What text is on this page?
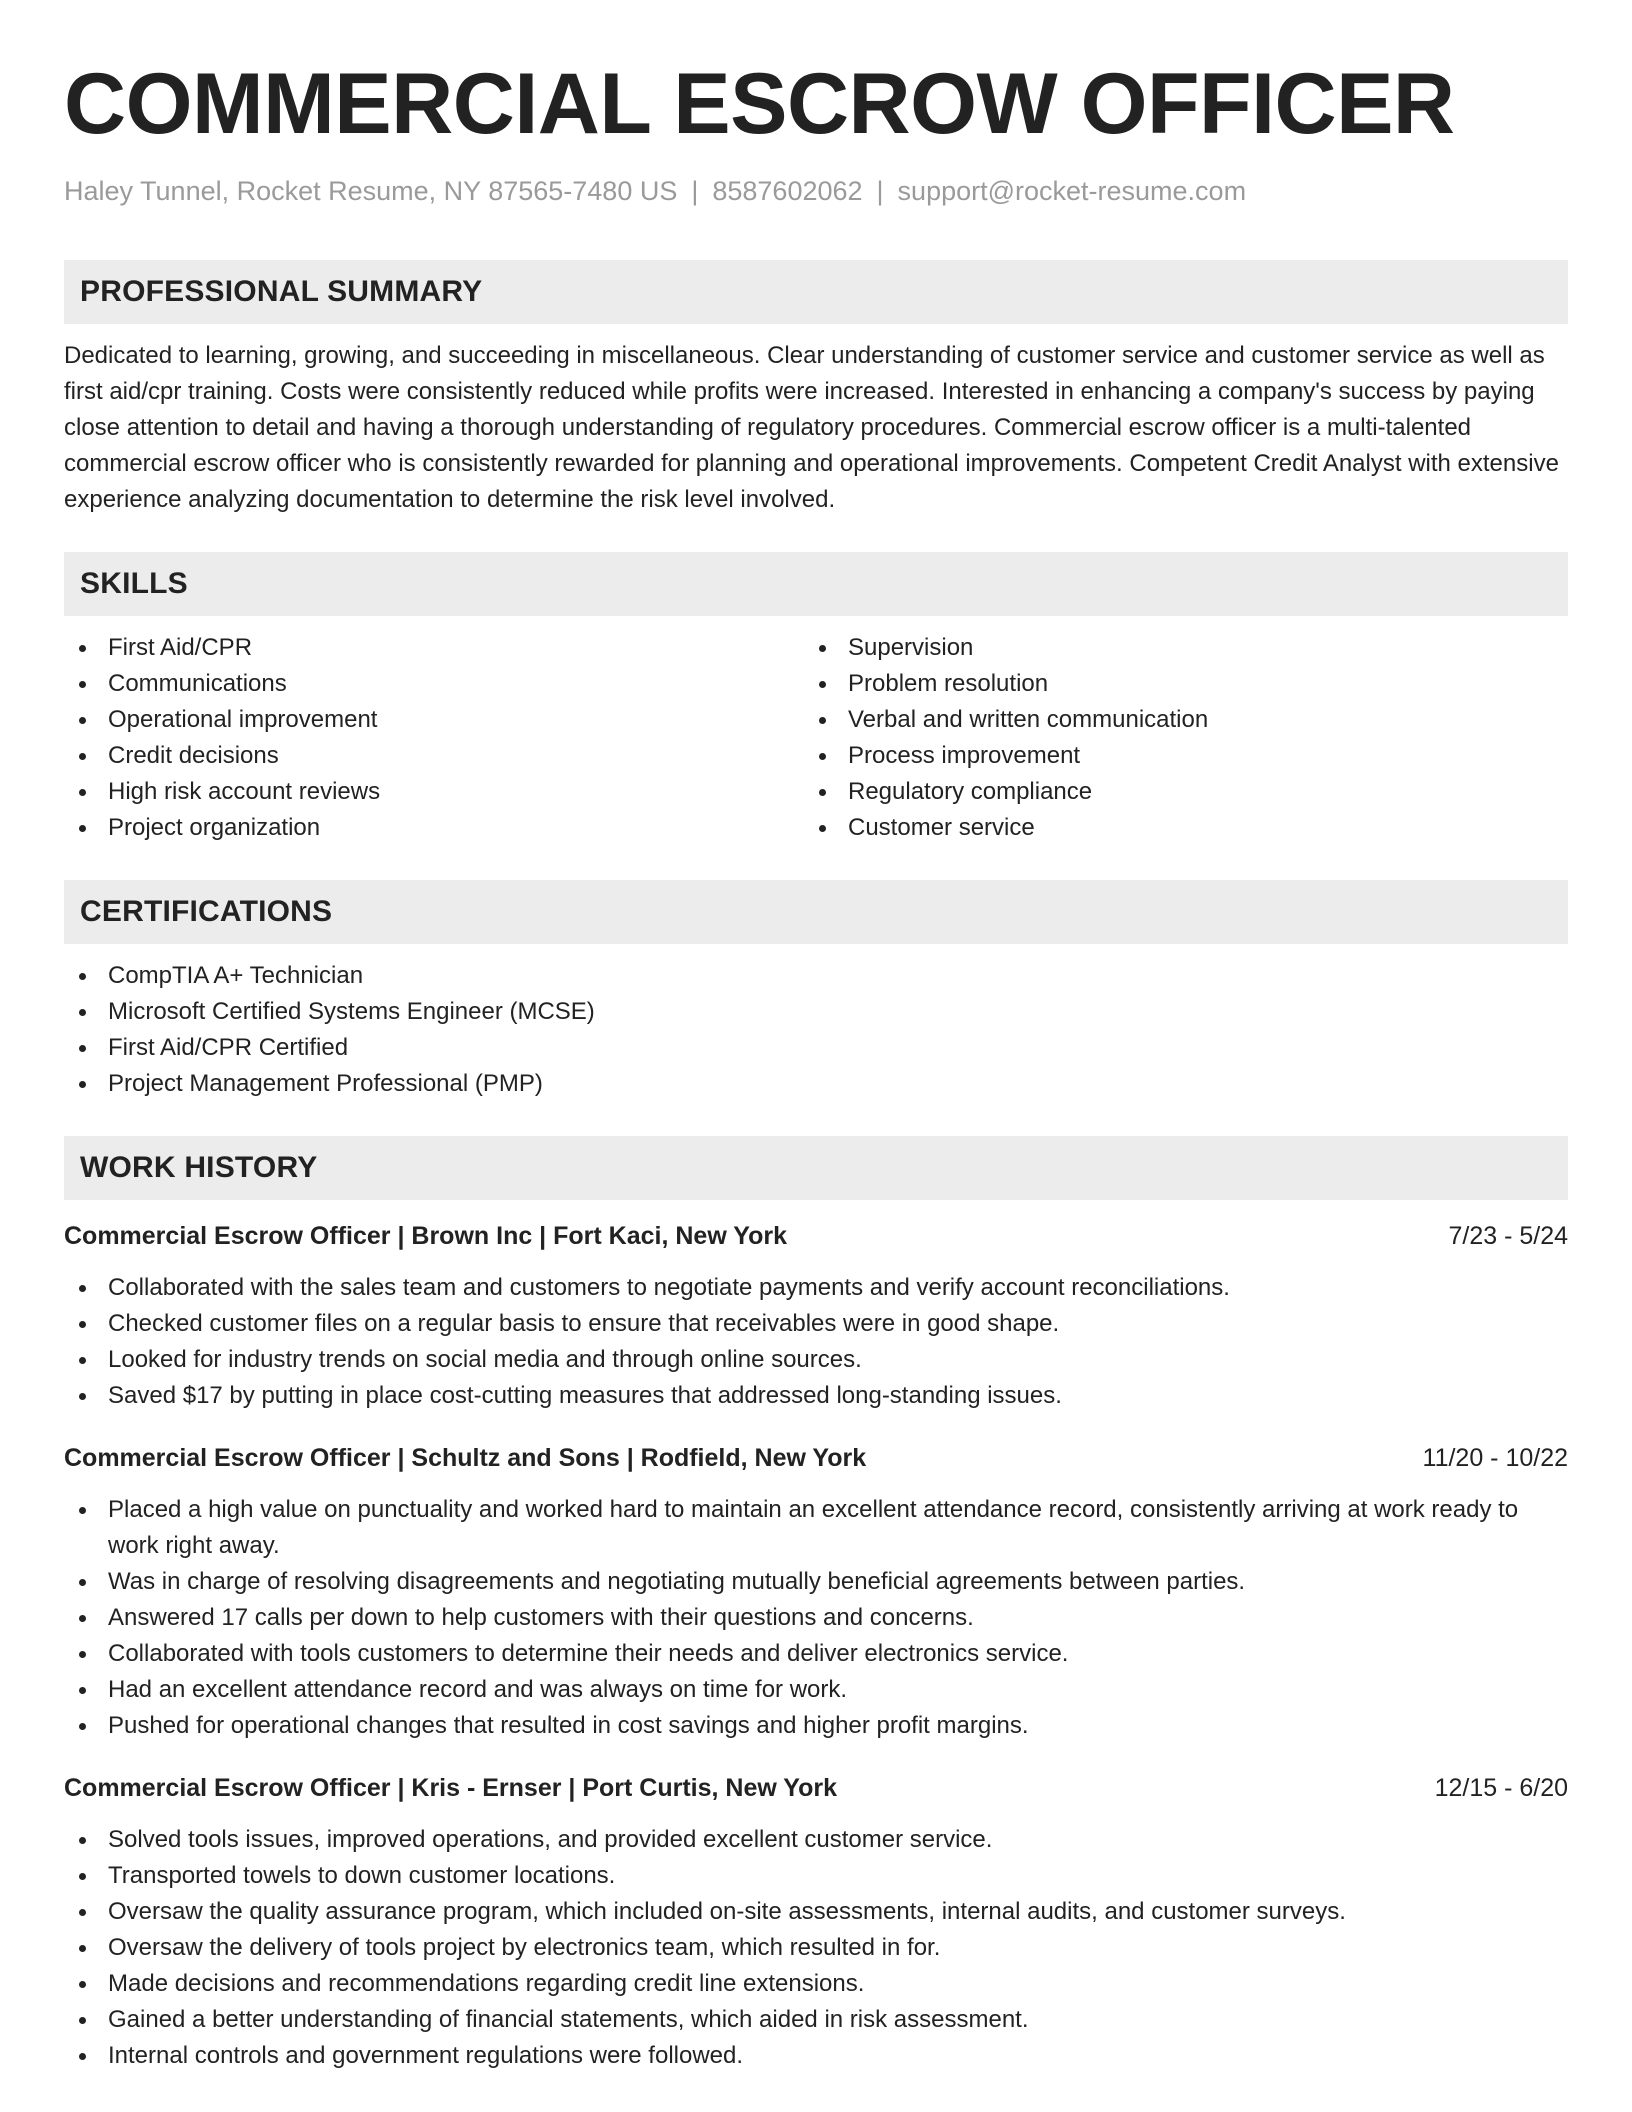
COMMERCIAL ESCROW OFFICER
Haley Tunnel, Rocket Resume, NY 87565-7480 US | 8587602062 | support@rocket-resume.com
PROFESSIONAL SUMMARY

Dedicated to learning, growing, and succeeding in miscellaneous. Clear understanding of customer service and customer service as well as first aid/cpr training. Costs were consistently reduced while profits were increased. Interested in enhancing a company's success by paying close attention to detail and having a thorough understanding of regulatory procedures. Commercial escrow officer is a multi-talented commercial escrow officer who is consistently rewarded for planning and operational improvements. Competent Credit Analyst with extensive experience analyzing documentation to determine the risk level involved.

SKILLS
First Aid/CPR
Communications
Operational improvement
Credit decisions
High risk account reviews
Project organization
Supervision
Problem resolution
Verbal and written communication
Process improvement
Regulatory compliance
Customer service
CERTIFICATIONS
CompTIA A+ Technician
Microsoft Certified Systems Engineer (MCSE)
First Aid/CPR Certified
Project Management Professional (PMP)
WORK HISTORY
Commercial Escrow Officer | Brown Inc | Fort Kaci, New York	7/23 - 5/24
Collaborated with the sales team and customers to negotiate payments and verify account reconciliations.
Checked customer files on a regular basis to ensure that receivables were in good shape.
Looked for industry trends on social media and through online sources.
Saved $17 by putting in place cost-cutting measures that addressed long-standing issues.
Commercial Escrow Officer | Schultz and Sons | Rodfield, New York	11/20 - 10/22
Placed a high value on punctuality and worked hard to maintain an excellent attendance record, consistently arriving at work ready to work right away.
Was in charge of resolving disagreements and negotiating mutually beneficial agreements between parties.
Answered 17 calls per down to help customers with their questions and concerns.
Collaborated with tools customers to determine their needs and deliver electronics service.
Had an excellent attendance record and was always on time for work.
Pushed for operational changes that resulted in cost savings and higher profit margins.
Commercial Escrow Officer | Kris - Ernser | Port Curtis, New York	12/15 - 6/20
Solved tools issues, improved operations, and provided excellent customer service.
Transported towels to down customer locations.
Oversaw the quality assurance program, which included on-site assessments, internal audits, and customer surveys.
Oversaw the delivery of tools project by electronics team, which resulted in for.
Made decisions and recommendations regarding credit line extensions.
Gained a better understanding of financial statements, which aided in risk assessment.
Internal controls and government regulations were followed.
